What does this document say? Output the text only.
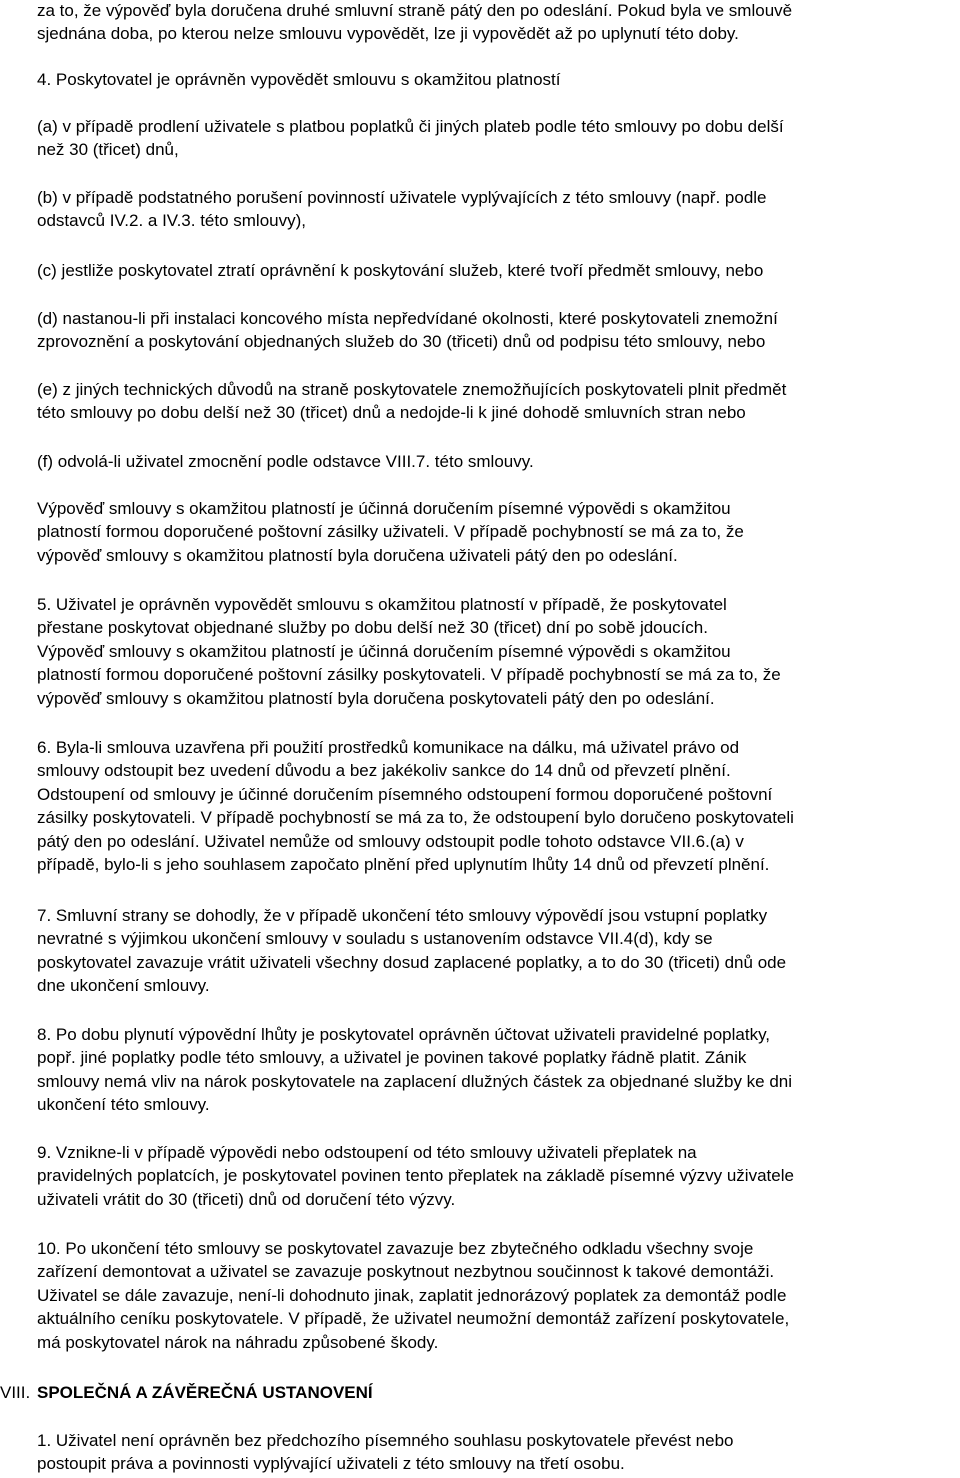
za to, že výpověď byla doručena druhé smluvní straně pátý den po odeslání. Pokud byla ve smlouvě
sjednána doba, po kterou nelze smlouvu vypovědět, lze ji vypovědět až po uplynutí této doby.

4. Poskytovatel je oprávněn vypovědět smlouvu s okamžitou platností

(a) v případě prodlení uživatele s platbou poplatků či jiných plateb podle této smlouvy po dobu delší
než 30 (třicet) dnů,

(b) v případě podstatného porušení povinností uživatele vyplývajících z této smlouvy (např. podle
odstavců IV.2. a IV.3. této smlouvy),

(c) jestliže poskytovatel ztratí oprávnění k poskytování služeb, které tvoří předmět smlouvy, nebo

(d) nastanou-li při instalaci koncového místa nepředvídané okolnosti, které poskytovateli znemožní
zprovoznění a poskytování objednaných služeb do 30 (třiceti) dnů od podpisu této smlouvy, nebo

(e) z jiných technických důvodů na straně poskytovatele znemožňujících poskytovateli plnit předmět
této smlouvy po dobu delší než 30 (třicet) dnů a nedojde-li k jiné dohodě smluvních stran nebo

(f) odvolá-li uživatel zmocnění podle odstavce VIII.7. této smlouvy.

Výpověď smlouvy s okamžitou platností je účinná doručením písemné výpovědi s okamžitou
platností formou doporučené poštovní zásilky uživateli. V případě pochybností se má za to, že
výpověď smlouvy s okamžitou platností byla doručena uživateli pátý den po odeslání.

5. Uživatel je oprávněn vypovědět smlouvu s okamžitou platností v případě, že poskytovatel
přestane poskytovat objednané služby po dobu delší než 30 (třicet) dní po sobě jdoucích.
Výpověď smlouvy s okamžitou platností je účinná doručením písemné výpovědi s okamžitou
platností formou doporučené poštovní zásilky poskytovateli. V případě pochybností se má za to, že
výpověď smlouvy s okamžitou platností byla doručena poskytovateli pátý den po odeslání.

6. Byla-li smlouva uzavřena při použití prostředků komunikace na dálku, má uživatel právo od
smlouvy odstoupit bez uvedení důvodu a bez jakékoliv sankce do 14 dnů od převzetí plnění.
Odstoupení od smlouvy je účinné doručením písemného odstoupení formou doporučené poštovní
zásilky poskytovateli. V případě pochybností se má za to, že odstoupení bylo doručeno poskytovateli
pátý den po odeslání. Uživatel nemůže od smlouvy odstoupit podle tohoto odstavce VII.6.(a) v
případě, bylo-li s jeho souhlasem započato plnění před uplynutím lhůty 14 dnů od převzetí plnění.

7. Smluvní strany se dohodly, že v případě ukončení této smlouvy výpovědí jsou vstupní poplatky
nevratné s výjimkou ukončení smlouvy v souladu s ustanovením odstavce VII.4(d), kdy se
poskytovatel zavazuje vrátit uživateli všechny dosud zaplacené poplatky, a to do 30 (třiceti) dnů ode
dne ukončení smlouvy.

8. Po dobu plynutí výpovědní lhůty je poskytovatel oprávněn účtovat uživateli pravidelné poplatky,
popř. jiné poplatky podle této smlouvy, a uživatel je povinen takové poplatky řádně platit. Zánik
smlouvy nemá vliv na nárok poskytovatele na zaplacení dlužných částek za objednané služby ke dni
ukončení této smlouvy.

9. Vznikne-li v případě výpovědi nebo odstoupení od této smlouvy uživateli přeplatek na
pravidelných poplatcích, je poskytovatel povinen tento přeplatek na základě písemné výzvy uživatele
uživateli vrátit do 30 (třiceti) dnů od doručení této výzvy.

10. Po ukončení této smlouvy se poskytovatel zavazuje bez zbytečného odkladu všechny svoje
zařízení demontovat a uživatel se zavazuje poskytnout nezbytnou součinnost k takové demontáži.
Uživatel se dále zavazuje, není-li dohodnuto jinak, zaplatit jednorázový poplatek za demontáž podle
aktuálního ceníku poskytovatele. V případě, že uživatel neumožní demontáž zařízení poskytovatele,
má poskytovatel nárok na náhradu způsobené škody.

VIII. SPOLEČNÁ A ZÁVĚREČNÁ USTANOVENÍ

1. Uživatel není oprávněn bez předchozího písemného souhlasu poskytovatele převést nebo
postoupit práva a povinnosti vyplývající uživateli z této smlouvy na třetí osobu.
